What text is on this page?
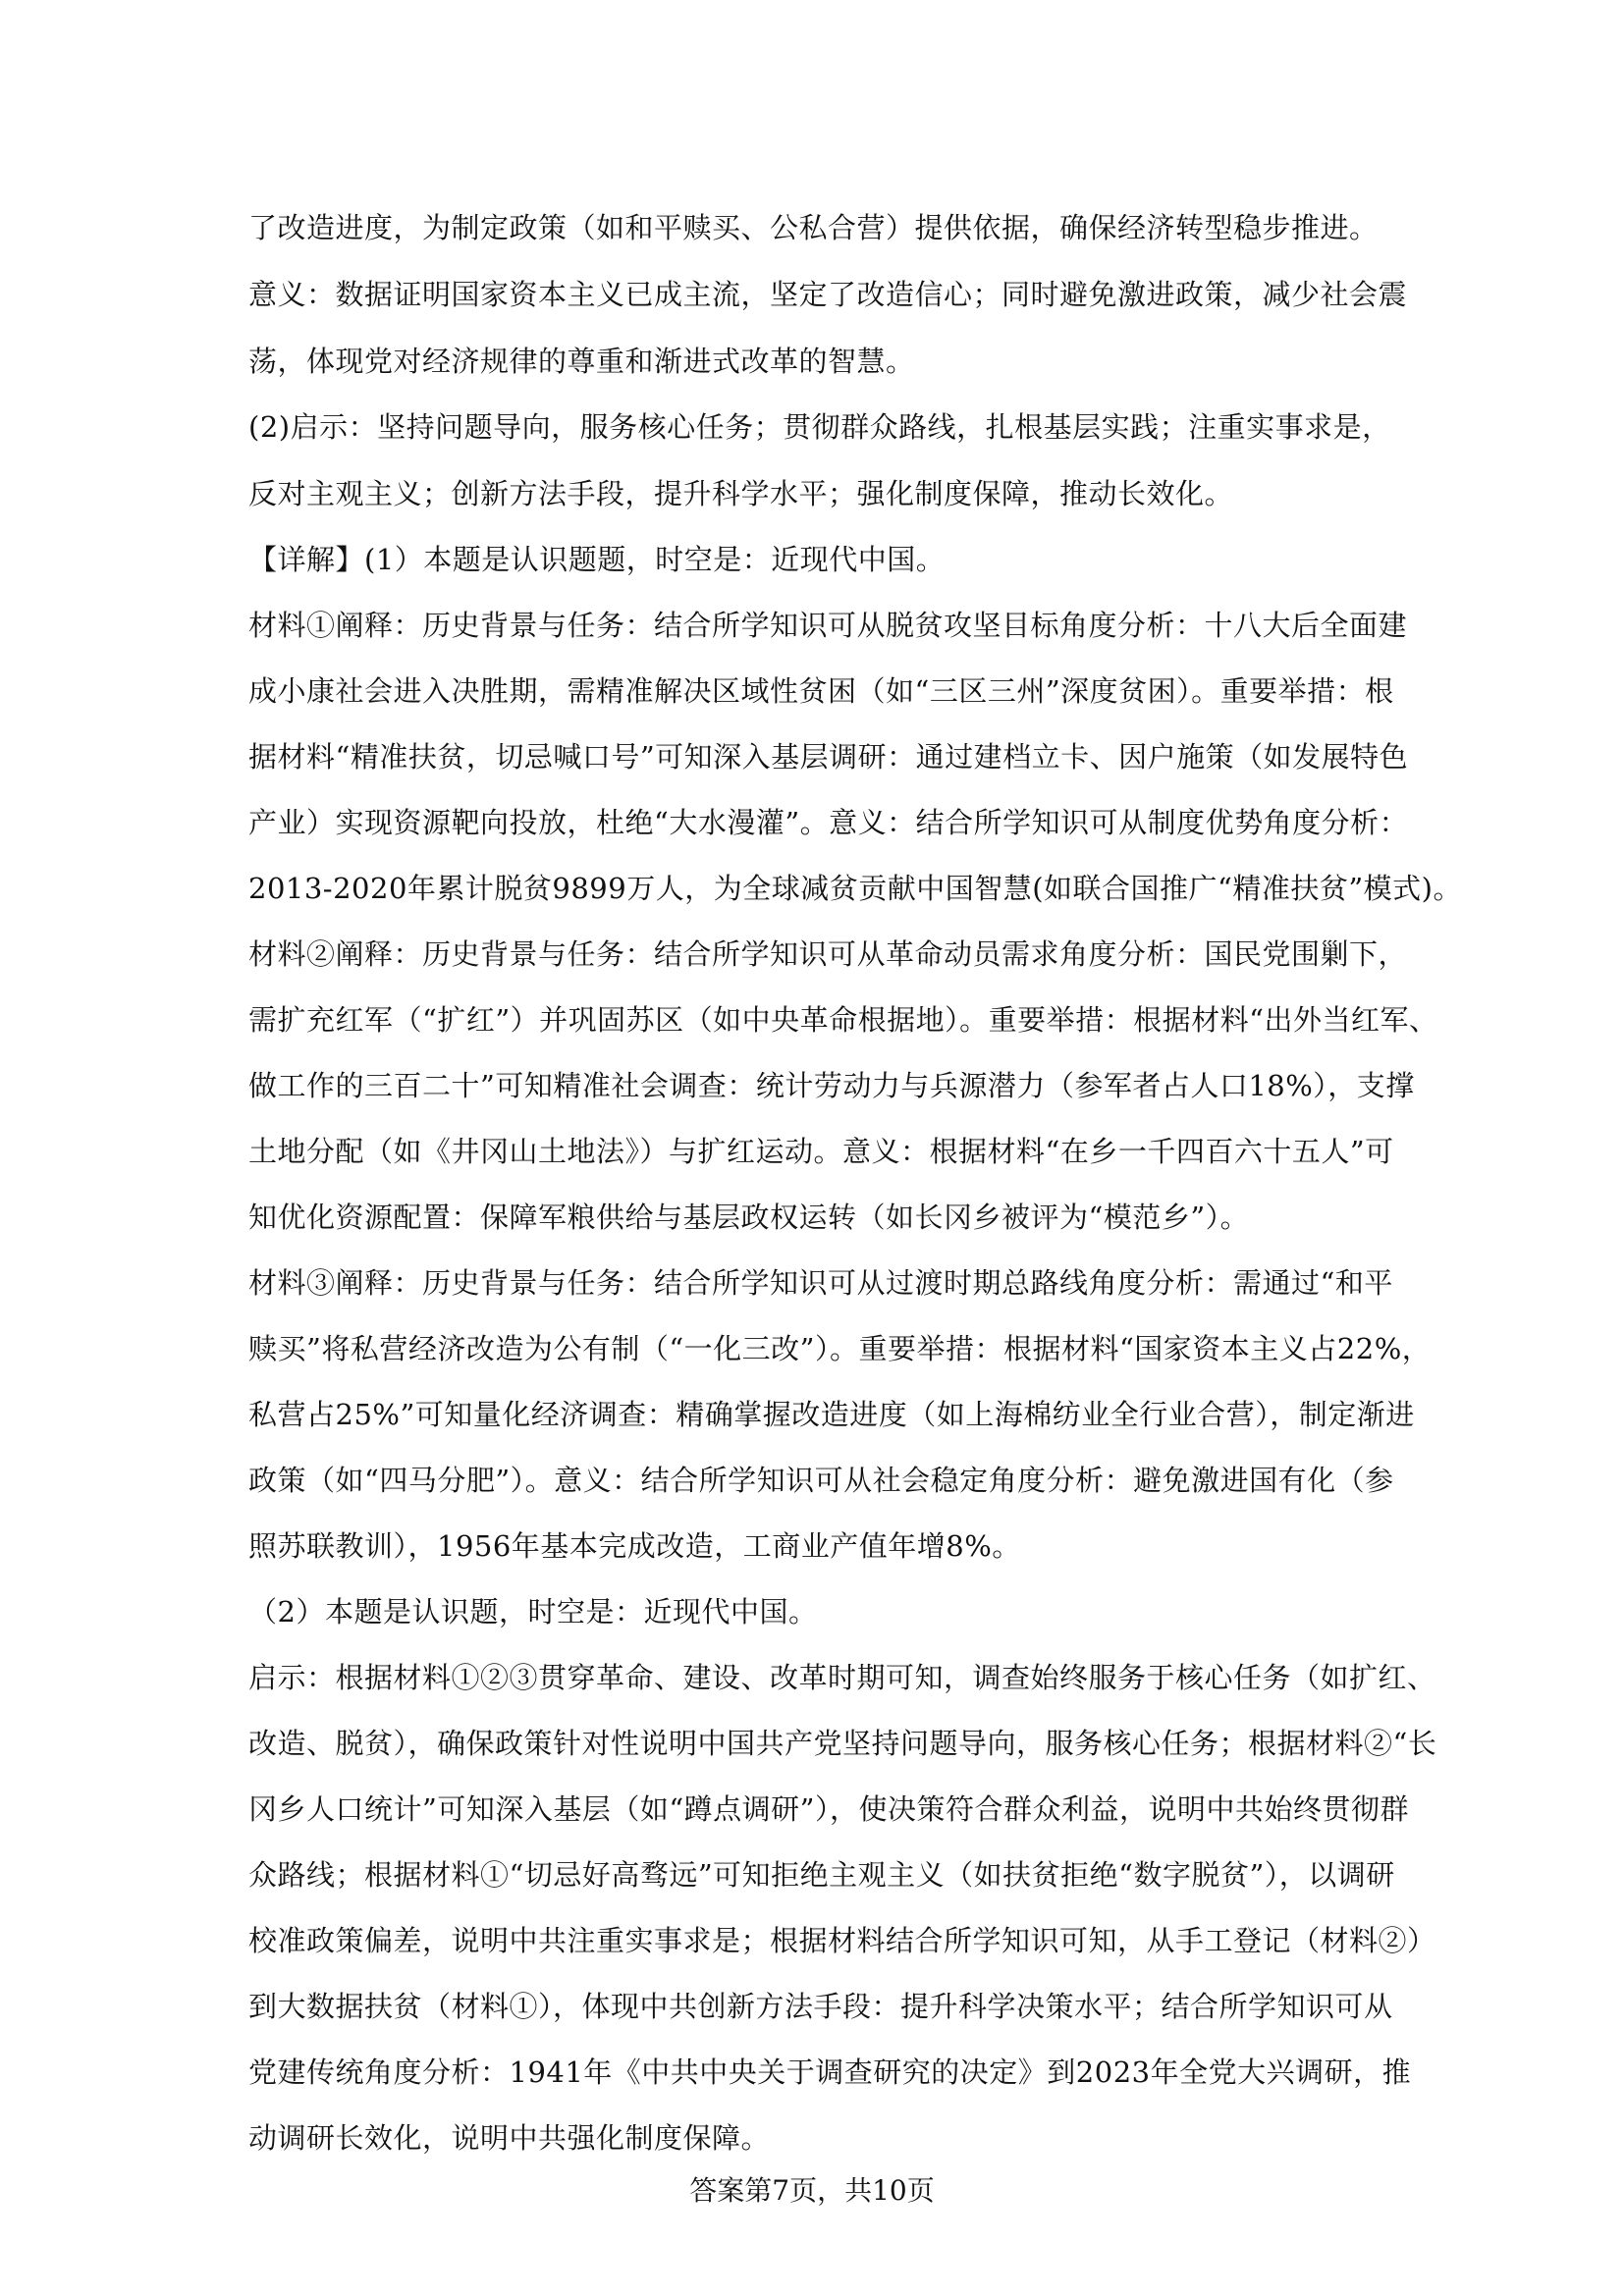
了改造进度，为制定政策（如和平赎买、公私合营）提供依据，确保经济转型稳步推进。
意义：数据证明国家资本主义已成主流，坚定了改造信心；同时避免激进政策，减少社会震
荡，体现党对经济规律的尊重和渐进式改革的智慧。
(2)启示：坚持问题导向，服务核心任务；贯彻群众路线，扎根基层实践；注重实事求是，
反对主观主义；创新方法手段，提升科学水平；强化制度保障，推动长效化。
【详解】(1）本题是认识题题，时空是：近现代中国。
材料①阐释：历史背景与任务：结合所学知识可从脱贫攻坚目标角度分析：十八大后全面建
成小康社会进入决胜期，需精准解决区域性贫困（如“三区三州”深度贫困）。重要举措：根
据材料“精准扶贫，切忌喊口号”可知深入基层调研：通过建档立卡、因户施策（如发展特色
产业）实现资源靶向投放，杜绝“大水漫灌”。意义：结合所学知识可从制度优势角度分析：
2013-2020年累计脱贫9899万人，为全球减贫贡献中国智慧(如联合国推广“精准扶贫”模式)。
材料②阐释：历史背景与任务：结合所学知识可从革命动员需求角度分析：国民党围剿下，
需扩充红军（“扩红”）并巩固苏区（如中央革命根据地）。重要举措：根据材料“出外当红军、
做工作的三百二十”可知精准社会调查：统计劳动力与兵源潜力（参军者占人口18%），支撑
土地分配（如《井冈山土地法》）与扩红运动。意义：根据材料“在乡一千四百六十五人”可
知优化资源配置：保障军粮供给与基层政权运转（如长冈乡被评为“模范乡”）。
材料③阐释：历史背景与任务：结合所学知识可从过渡时期总路线角度分析：需通过“和平
赎买”将私营经济改造为公有制（“一化三改”）。重要举措：根据材料“国家资本主义占22%，
私营占25%”可知量化经济调查：精确掌握改造进度（如上海棉纺业全行业合营），制定渐进
政策（如“四马分肥”）。意义：结合所学知识可从社会稳定角度分析：避免激进国有化（参
照苏联教训），1956年基本完成改造，工商业产值年增8%。
（2）本题是认识题，时空是：近现代中国。
启示：根据材料①②③贯穿革命、建设、改革时期可知，调查始终服务于核心任务（如扩红、
改造、脱贫），确保政策针对性说明中国共产党坚持问题导向，服务核心任务；根据材料②“长
冈乡人口统计”可知深入基层（如“蹲点调研”），使决策符合群众利益，说明中共始终贯彻群
众路线；根据材料①“切忌好高骛远”可知拒绝主观主义（如扶贫拒绝“数字脱贫”），以调研
校准政策偏差，说明中共注重实事求是；根据材料结合所学知识可知，从手工登记（材料②）
到大数据扶贫（材料①），体现中共创新方法手段：提升科学决策水平；结合所学知识可从
党建传统角度分析：1941年《中共中央关于调查研究的决定》到2023年全党大兴调研，推
动调研长效化，说明中共强化制度保障。
答案第7页，共10页
